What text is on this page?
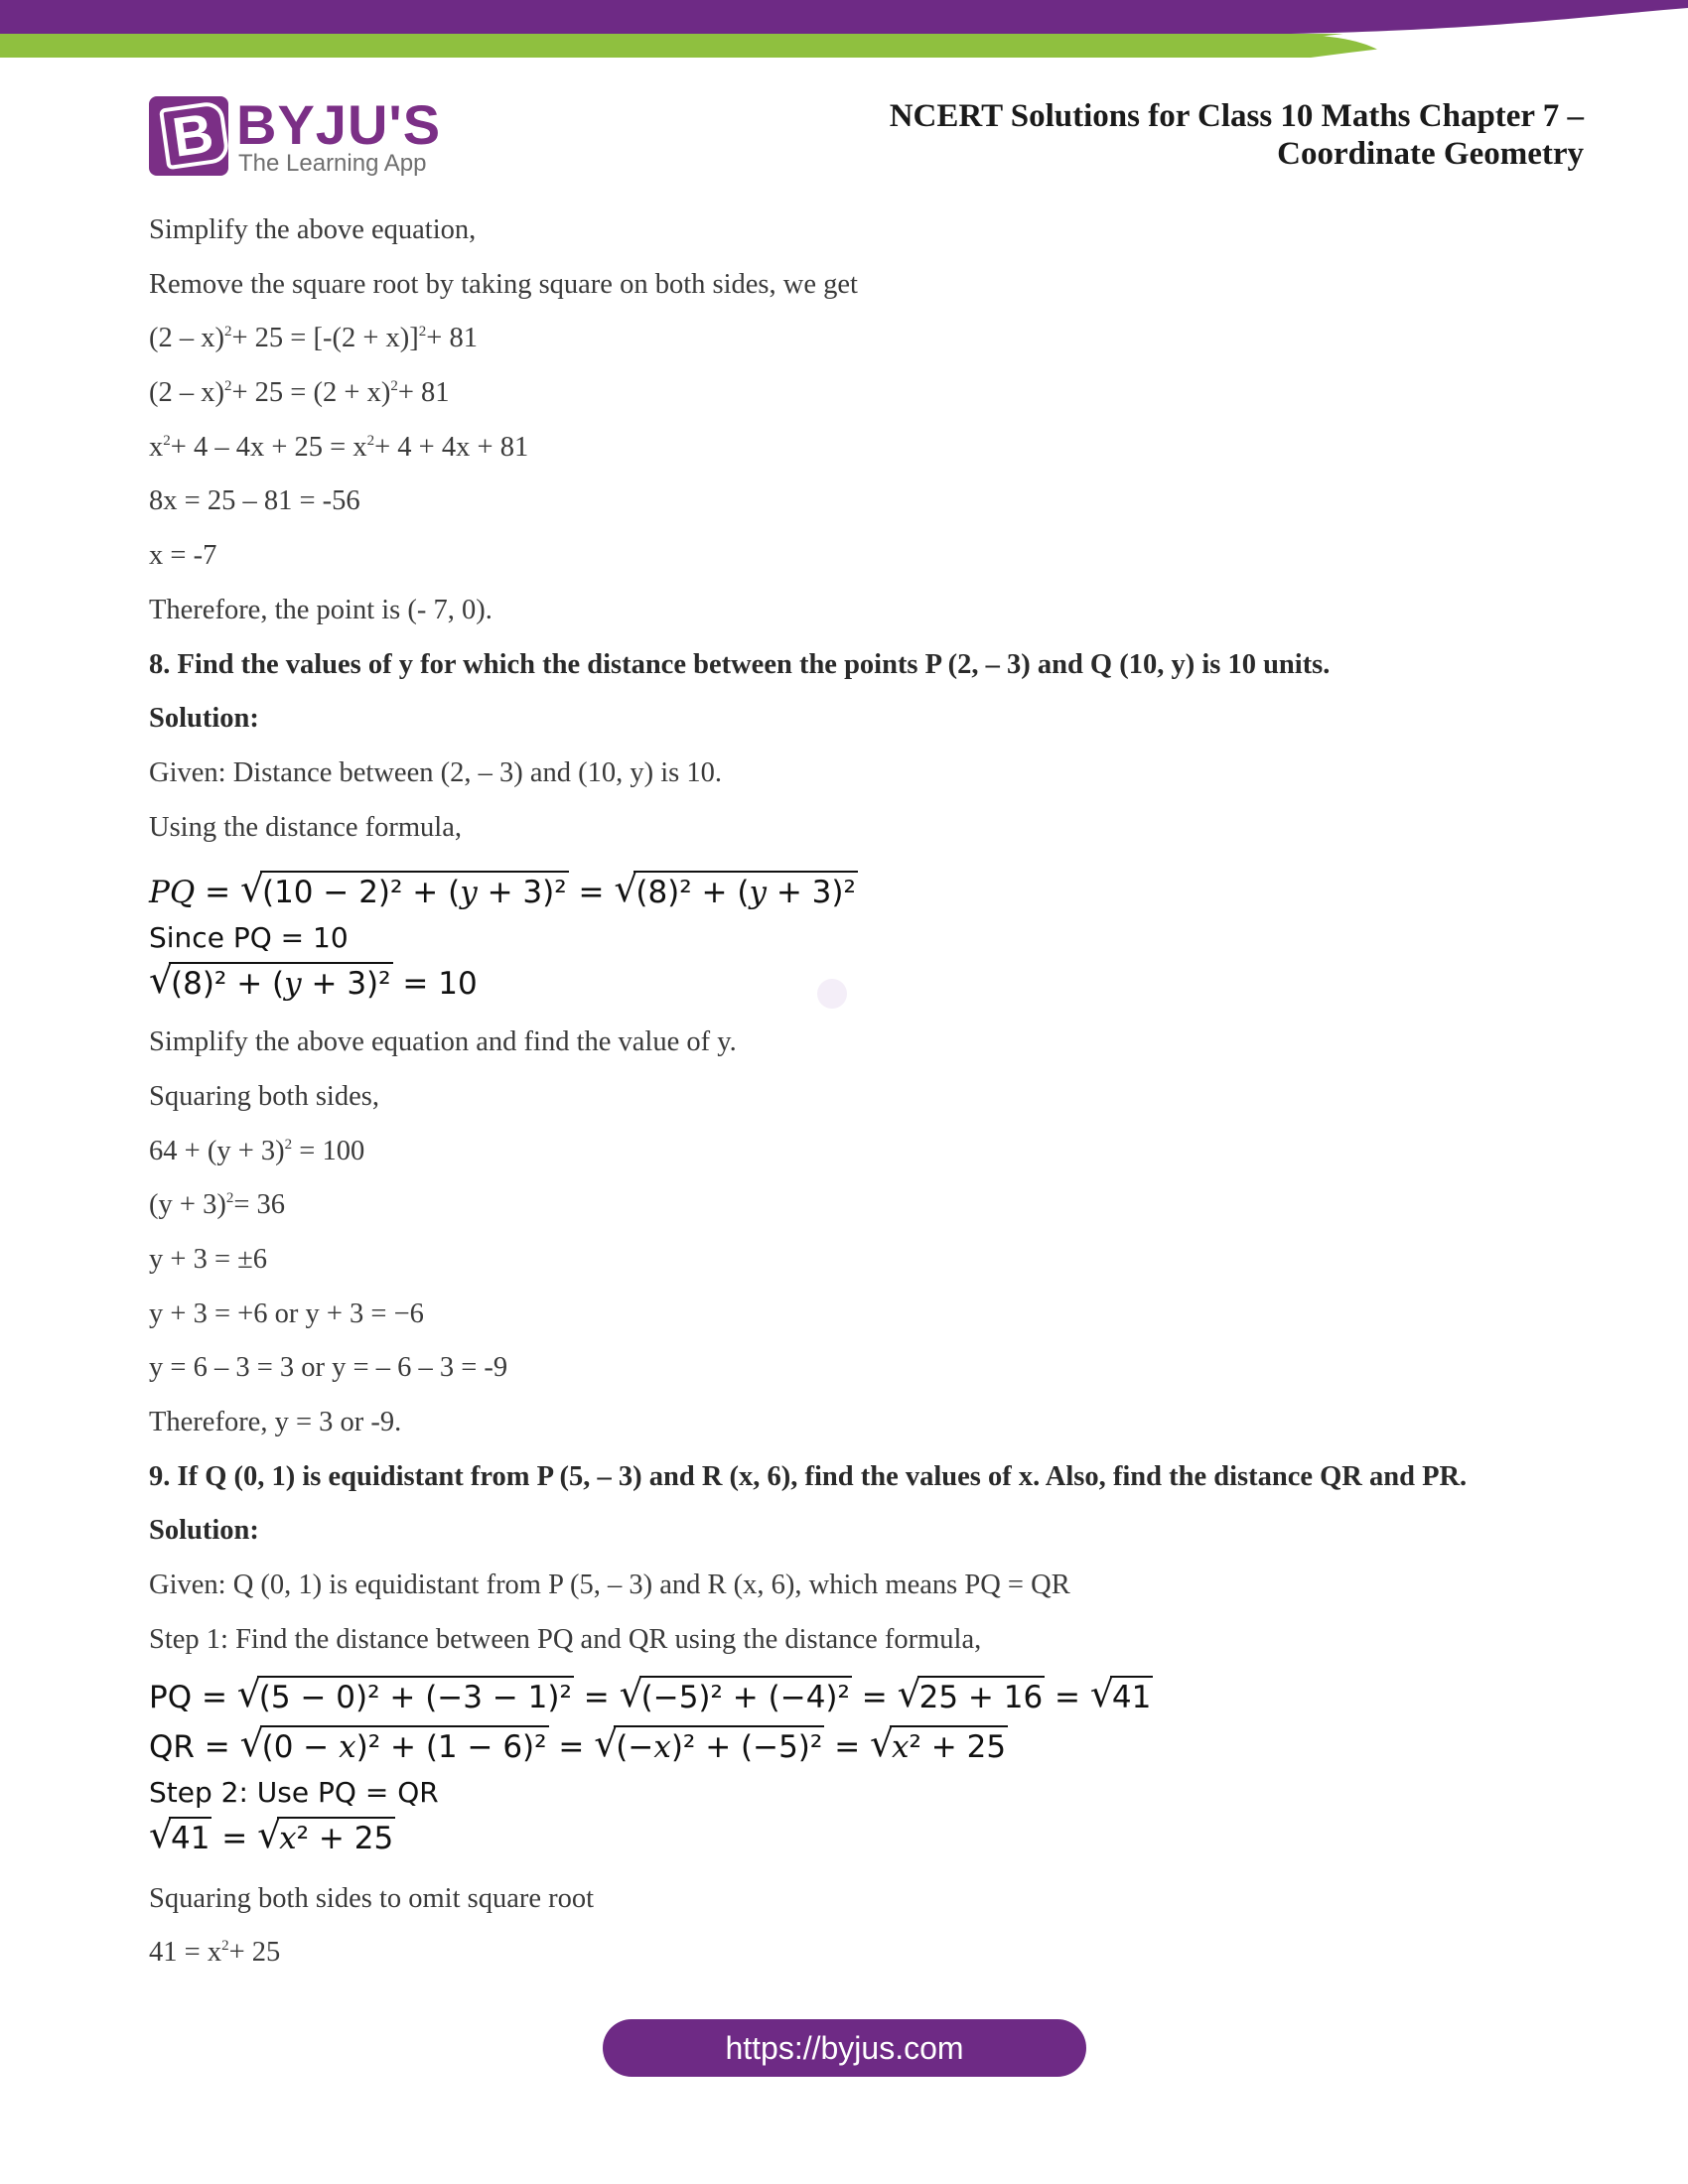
B BYJU'S
The Learning App
NCERT Solutions for Class 10 Maths Chapter 7 –
Coordinate Geometry
Simplify the above equation,
Remove the square root by taking square on both sides, we get
$(2 - x)^2+ 25 = [-(2 + x)]^2+ 81$
$(2 - x)^2+ 25 = (2 + x)^2+ 81$
$x^2+ 4 - 4x + 25 = x^2+ 4 + 4x + 81$
8x = 25 – 81 = -56
x = -7
Therefore, the point is (- 7, 0).
8. Find the values of y for which the distance between the points P (2, – 3) and Q (10, y) is 10 units.
Solution:
Given: Distance between (2, – 3) and (10, y) is 10.
Using the distance formula,
PQ = √ (10 − 2)² + (y + 3)² = √ (8)² + (y + 3)²
Since PQ = 10
√ (8)² + (y + 3)² = 10
Simplify the above equation and find the value of y.
Squaring both sides,
$64 + (y + 3)^2 = 100$
$(y + 3)^2= 36$
y + 3 = ±6
y + 3 = +6 or y + 3 = −6
y = 6 – 3 = 3 or y = – 6 – 3 = -9
Therefore, y = 3 or -9.
9. If Q (0, 1) is equidistant from P (5, – 3) and R (x, 6), find the values of x. Also, find the distance QR and PR.
Solution:
Given: Q (0, 1) is equidistant from P (5, – 3) and R (x, 6), which means PQ = QR
Step 1: Find the distance between PQ and QR using the distance formula,
PQ = √ (5 − 0)² + (−3 − 1)² = √ (−5)² + (−4)² = √ 25 + 16 = √ 41
QR = √ (0 − x)² + (1 − 6)² = √ (−x)² + (−5)² = √ x² + 25
Step 2: Use PQ = QR
√ 41 = √ x² + 25
Squaring both sides to omit square root
$41 = x^2+ 25$
https://byjus.com
